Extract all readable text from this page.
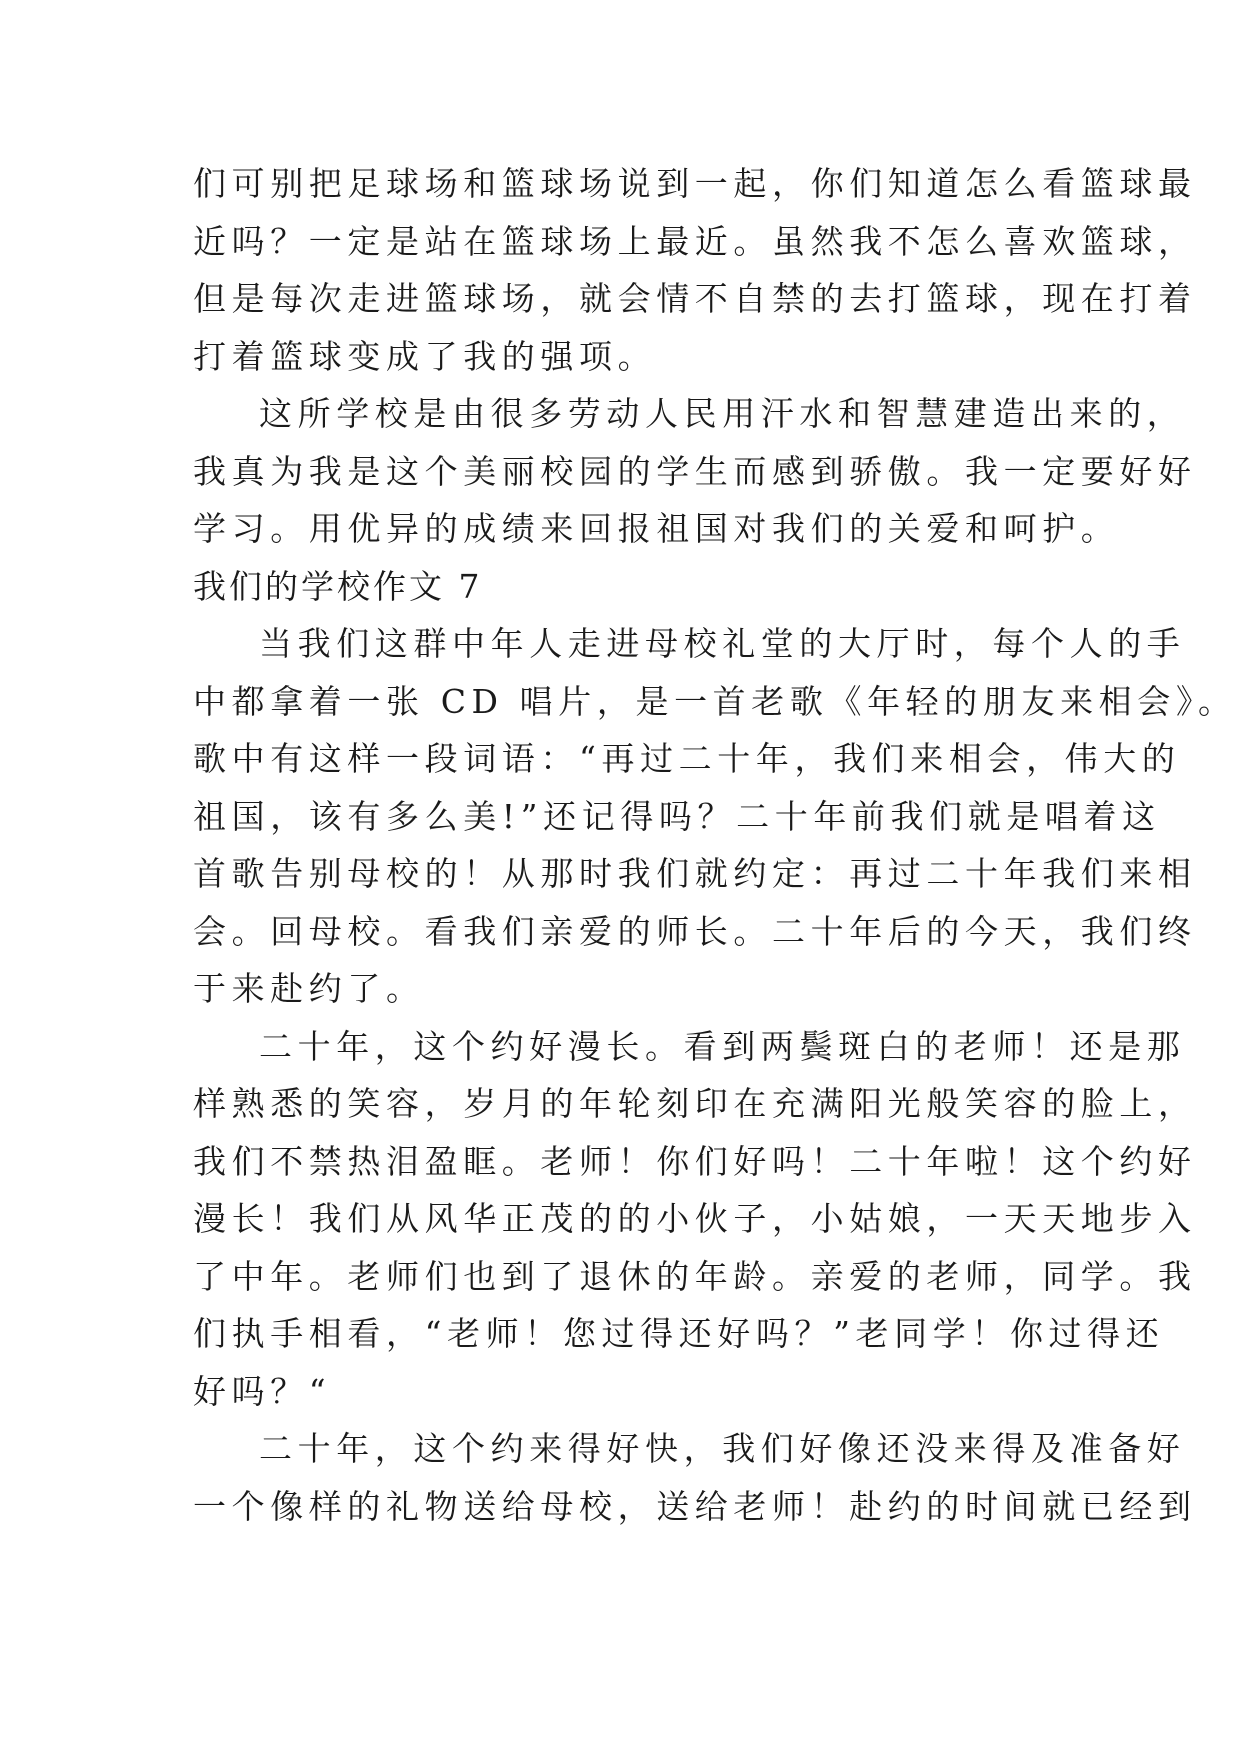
们可别把足球场和篮球场说到一起，你们知道怎么看篮球最
近吗？一定是站在篮球场上最近。虽然我不怎么喜欢篮球，
但是每次走进篮球场，就会情不自禁的去打篮球，现在打着
打着篮球变成了我的强项。
这所学校是由很多劳动人民用汗水和智慧建造出来的，
我真为我是这个美丽校园的学生而感到骄傲。我一定要好好
学习。用优异的成绩来回报祖国对我们的关爱和呵护。
我们的学校作文 7
当我们这群中年人走进母校礼堂的大厅时，每个人的手
中都拿着一张 CD 唱片，是一首老歌《年轻的朋友来相会》。
歌中有这样一段词语：“再过二十年，我们来相会，伟大的
祖国，该有多么美!”还记得吗？二十年前我们就是唱着这
首歌告别母校的！从那时我们就约定：再过二十年我们来相
会。回母校。看我们亲爱的师长。二十年后的今天，我们终
于来赴约了。
二十年，这个约好漫长。看到两鬓斑白的老师！还是那
样熟悉的笑容，岁月的年轮刻印在充满阳光般笑容的脸上，
我们不禁热泪盈眶。老师！你们好吗！二十年啦！这个约好
漫长！我们从风华正茂的的小伙子，小姑娘，一天天地步入
了中年。老师们也到了退休的年龄。亲爱的老师，同学。我
们执手相看，“老师！您过得还好吗？”老同学！你过得还
好吗？“
二十年，这个约来得好快，我们好像还没来得及准备好
一个像样的礼物送给母校，送给老师！赴约的时间就已经到
